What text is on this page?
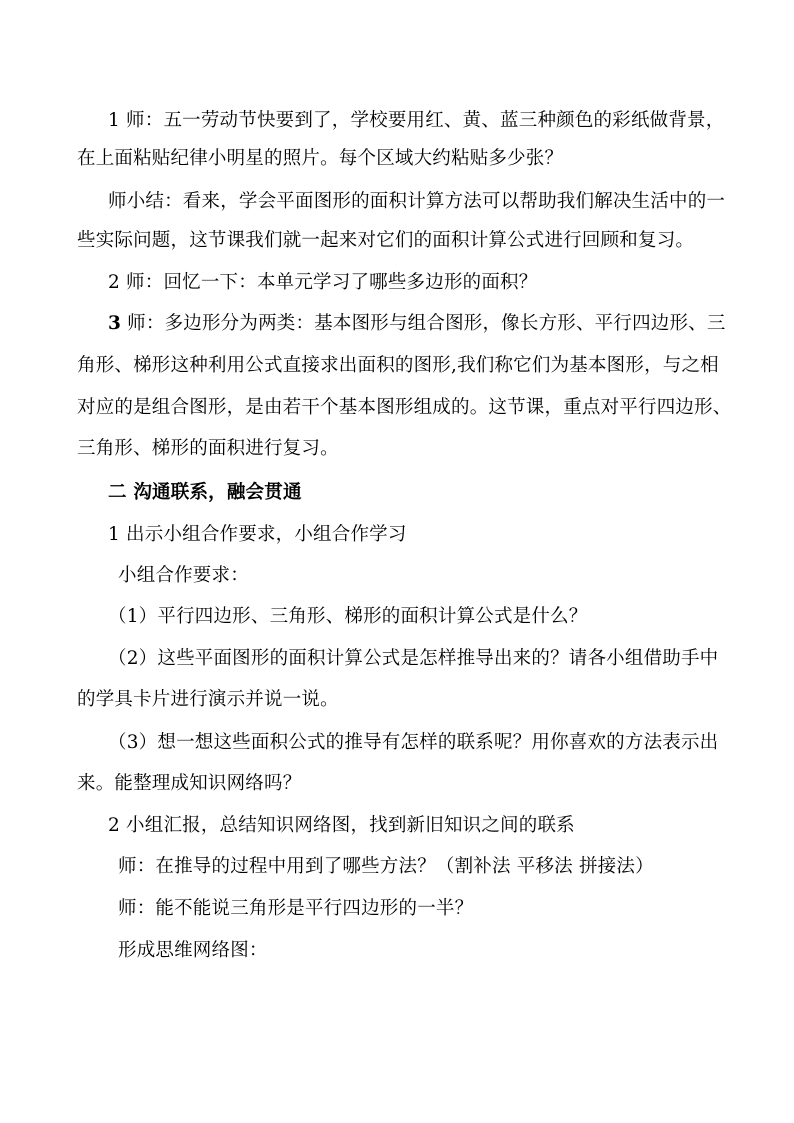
1 师：五一劳动节快要到了，学校要用红、黄、蓝三种颜色的彩纸做背景，
在上面粘贴纪律小明星的照片。每个区域大约粘贴多少张？
师小结：看来，学会平面图形的面积计算方法可以帮助我们解决生活中的一
些实际问题，这节课我们就一起来对它们的面积计算公式进行回顾和复习。
2 师：回忆一下：本单元学习了哪些多边形的面积？
3 师：多边形分为两类：基本图形与组合图形，像长方形、平行四边形、三
角形、梯形这种利用公式直接求出面积的图形,我们称它们为基本图形，与之相
对应的是组合图形，是由若干个基本图形组成的。这节课，重点对平行四边形、
三角形、梯形的面积进行复习。
二 沟通联系，融会贯通
1 出示小组合作要求，小组合作学习
小组合作要求：
（1）平行四边形、三角形、梯形的面积计算公式是什么？
（2）这些平面图形的面积计算公式是怎样推导出来的？请各小组借助手中
的学具卡片进行演示并说一说。
（3）想一想这些面积公式的推导有怎样的联系呢？用你喜欢的方法表示出
来。能整理成知识网络吗？
2 小组汇报，总结知识网络图，找到新旧知识之间的联系
师：在推导的过程中用到了哪些方法？（割补法 平移法 拼接法）
师：能不能说三角形是平行四边形的一半？
形成思维网络图：
